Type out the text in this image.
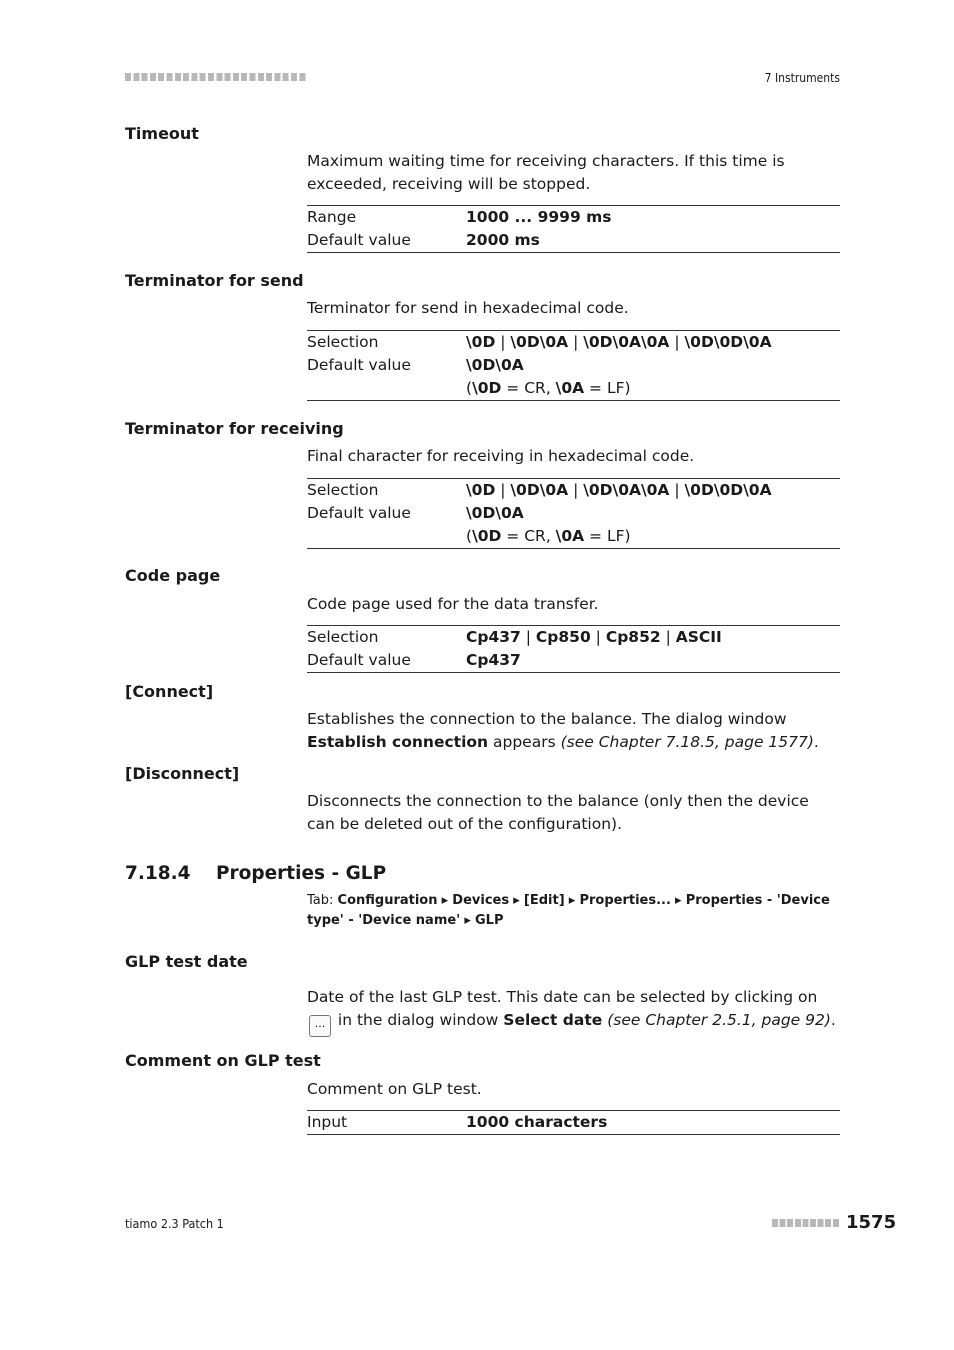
7 Instruments
Timeout
Maximum waiting time for receiving characters. If this time is exceeded, receiving will be stopped.
Range	1000 ... 9999 ms
Default value	2000 ms
Terminator for send
Terminator for send in hexadecimal code.
Selection	\0D | \0D\0A | \0D\0A\0A | \0D\0D\0A
Default value	\0D\0A
(\0D = CR, \0A = LF)
Terminator for receiving
Final character for receiving in hexadecimal code.
Selection	\0D | \0D\0A | \0D\0A\0A | \0D\0D\0A
Default value	\0D\0A
(\0D = CR, \0A = LF)
Code page
Code page used for the data transfer.
Selection	Cp437 | Cp850 | Cp852 | ASCII
Default value	Cp437
[Connect]
Establishes the connection to the balance. The dialog window Establish connection appears (see Chapter 7.18.5, page 1577).
[Disconnect]
Disconnects the connection to the balance (only then the device can be deleted out of the configuration).
7.18.4 Properties - GLP
Tab: Configuration ▸ Devices ▸ [Edit] ▸ Properties... ▸ Properties - 'Device type' - 'Device name' ▸ GLP
GLP test date
Date of the last GLP test. This date can be selected by clicking on ... in the dialog window Select date (see Chapter 2.5.1, page 92).
Comment on GLP test
Comment on GLP test.
Input	1000 characters
tiamo 2.3 Patch 1	1575
